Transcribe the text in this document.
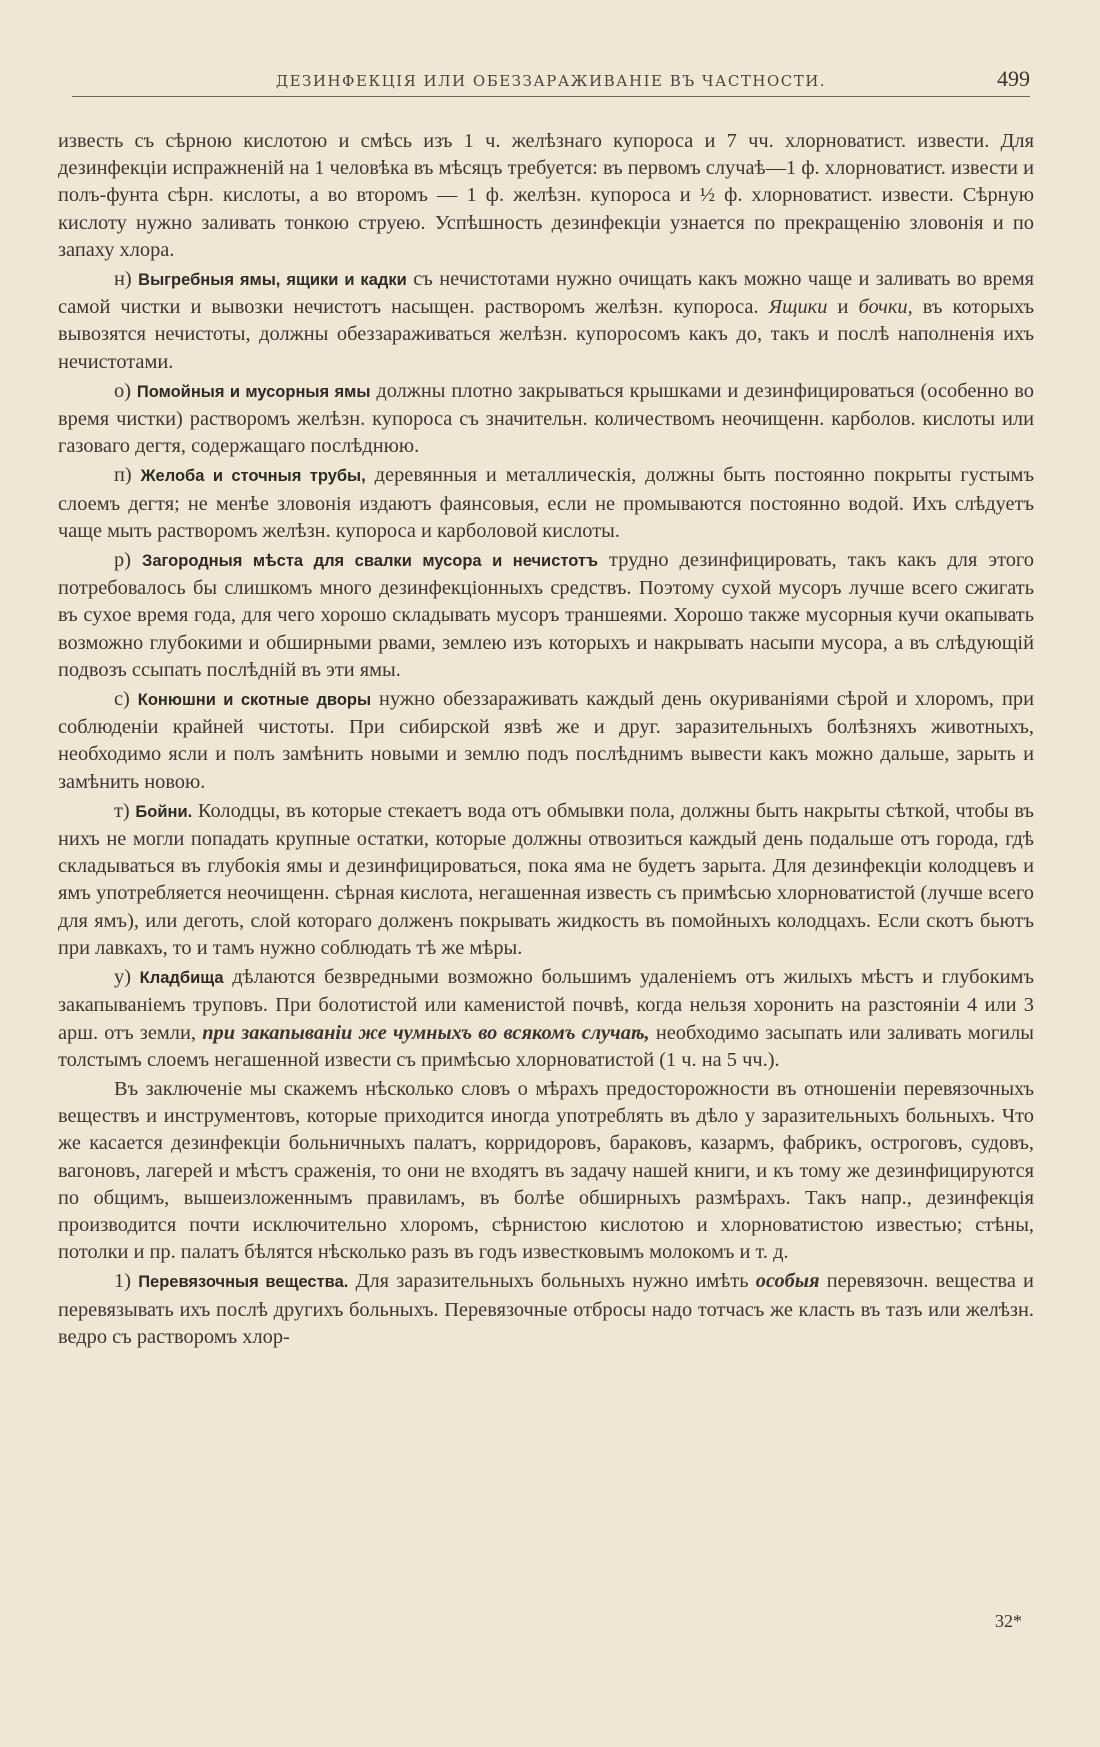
ДЕЗИНФЕКЦІЯ ИЛИ ОБЕЗЗАРАЖИВАНІЕ ВЪ ЧАСТНОСТИ.	499

известь съ сѣрною кислотою и смѣсь изъ 1 ч. желѣзнаго купороса и 7 чч. хлорноватист. извести. Для дезинфекціи испражненій на 1 человѣка въ мѣсяцъ требуется: въ первомъ случаѣ—1 ф. хлорноватист. извести и полъ-фунта сѣрн. кислоты, а во второмъ — 1 ф. желѣзн. купороса и ½ ф. хлорноватист. извести. Сѣрную кислоту нужно заливать тонкою струею. Успѣшность дезинфекціи узнается по прекращенію зловонія и по запаху хлора.

н) Выгребныя ямы, ящики и кадки съ нечистотами нужно очищать какъ можно чаще и заливать во время самой чистки и вывозки нечистотъ насыщен. растворомъ желѣзн. купороса. Ящики и бочки, въ которыхъ вывозятся нечистоты, должны обеззараживаться желѣзн. купоросомъ какъ до, такъ и послѣ наполненія ихъ нечистотами.

о) Помойныя и мусорныя ямы должны плотно закрываться крышками и дезинфицироваться (особенно во время чистки) растворомъ желѣзн. купороса съ значительн. количествомъ неочищенн. карболов. кислоты или газоваго дегтя, содержащаго послѣднюю.

п) Желоба и сточныя трубы, деревянныя и металлическія, должны быть постоянно покрыты густымъ слоемъ дегтя; не менѣе зловонія издаютъ фаянсовыя, если не промываются постоянно водой. Ихъ слѣдуетъ чаще мыть растворомъ желѣзн. купороса и карболовой кислоты.

р) Загородныя мѣста для свалки мусора и нечистотъ трудно дезинфицировать, такъ какъ для этого потребовалось бы слишкомъ много дезинфекціонныхъ средствъ. Поэтому сухой мусоръ лучше всего сжигать въ сухое время года, для чего хорошо складывать мусоръ траншеями. Хорошо также мусорныя кучи окапывать возможно глубокими и обширными рвами, землею изъ которыхъ и накрывать насыпи мусора, а въ слѣдующій подвозъ ссыпать послѣдній въ эти ямы.

с) Конюшни и скотные дворы нужно обеззараживать каждый день окуриваніями сѣрой и хлоромъ, при соблюденіи крайней чистоты. При сибирской язвѣ же и друг. заразительныхъ болѣзняхъ животныхъ, необходимо ясли и полъ замѣнить новыми и землю подъ послѣднимъ вывести какъ можно дальше, зарыть и замѣнить новою.

т) Бойни. Колодцы, въ которые стекаетъ вода отъ обмывки пола, должны быть накрыты сѣткой, чтобы въ нихъ не могли попадать крупные остатки, которые должны отвозиться каждый день подальше отъ города, гдѣ складываться въ глубокія ямы и дезинфицироваться, пока яма не будетъ зарыта. Для дезинфекціи колодцевъ и ямъ употребляется неочищенн. сѣрная кислота, негашенная известь съ примѣсью хлорноватистой (лучше всего для ямъ), или деготь, слой котораго долженъ покрывать жидкость въ помойныхъ колодцахъ. Если скотъ бьютъ при лавкахъ, то и тамъ нужно соблюдать тѣ же мѣры.

у) Кладбища дѣлаются безвредными возможно большимъ удаленіемъ отъ жилыхъ мѣстъ и глубокимъ закапываніемъ труповъ. При болотистой или каменистой почвѣ, когда нельзя хоронить на разстояніи 4 или 3 арш. отъ земли, при закапываніи же чумныхъ во всякомъ случаѣ, необходимо засыпать или заливать могилы толстымъ слоемъ негашенной извести съ примѣсью хлорноватистой (1 ч. на 5 чч.).

Въ заключеніе мы скажемъ нѣсколько словъ о мѣрахъ предосторожности въ отношеніи перевязочныхъ веществъ и инструментовъ, которые приходится иногда употреблять въ дѣло у заразительныхъ больныхъ. Что же касается дезинфекціи больничныхъ палатъ, корридоровъ, бараковъ, казармъ, фабрикъ, остроговъ, судовъ, вагоновъ, лагерей и мѣстъ сраженія, то они не входятъ въ задачу нашей книги, и къ тому же дезинфицируются по общимъ, вышеизложеннымъ правиламъ, въ болѣе обширныхъ размѣрахъ. Такъ напр., дезинфекція производится почти исключительно хлоромъ, сѣрнистою кислотою и хлорноватистою известью; стѣны, потолки и пр. палатъ бѣлятся нѣсколько разъ въ годъ известковымъ молокомъ и т. д.

1) Перевязочныя вещества. Для заразительныхъ больныхъ нужно имѣть особыя перевязочн. вещества и перевязывать ихъ послѣ другихъ больныхъ. Перевязочные отбросы надо тотчасъ же класть въ тазъ или желѣзн. ведро съ растворомъ хлор-

32*
